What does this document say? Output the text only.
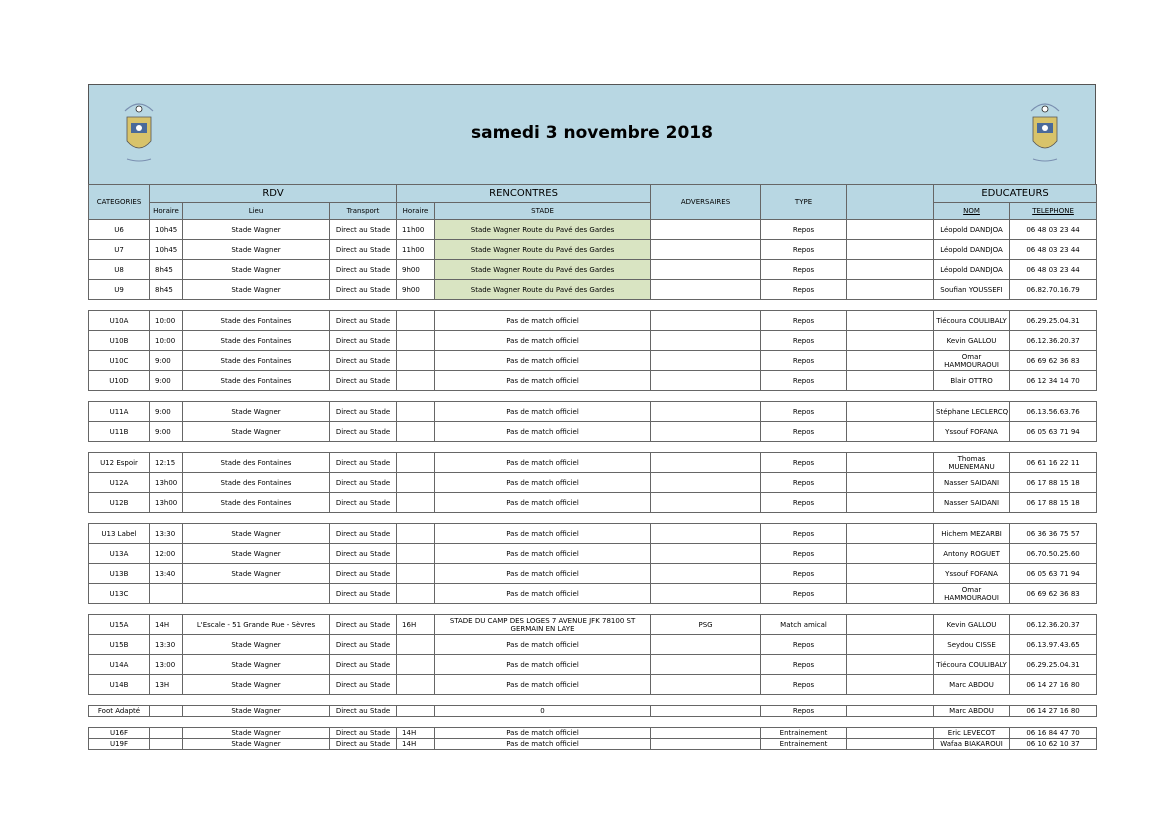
samedi 3 novembre 2018
CATEGORIES	RDV			RENCONTRES		ADVERSAIRES	TYPE		EDUCATEURS	
	Horaire	Lieu	Transport	Horaire	STADE				NOM	TELEPHONE
U6	10h45	Stade Wagner	Direct au Stade	11h00	Stade Wagner Route du Pavé des Gardes		Repos		Léopold DANDJOA	06 48 03 23 44
U7	10h45	Stade Wagner	Direct au Stade	11h00	Stade Wagner Route du Pavé des Gardes		Repos		Léopold DANDJOA	06 48 03 23 44
U8	8h45	Stade Wagner	Direct au Stade	9h00	Stade Wagner Route du Pavé des Gardes		Repos		Léopold DANDJOA	06 48 03 23 44
U9	8h45	Stade Wagner	Direct au Stade	9h00	Stade Wagner Route du Pavé des Gardes		Repos		Soufian YOUSSEFI	06.82.70.16.79

U10A	10:00	Stade des Fontaines	Direct au Stade		Pas de match officiel		Repos		Tiécoura COULIBALY	06.29.25.04.31
U10B	10:00	Stade des Fontaines	Direct au Stade		Pas de match officiel		Repos		Kevin GALLOU	06.12.36.20.37
U10C	9:00	Stade des Fontaines	Direct au Stade		Pas de match officiel		Repos		Omar HAMMOURAOUI	06 69 62 36 83
U10D	9:00	Stade des Fontaines	Direct au Stade		Pas de match officiel		Repos		Blair OTTRO	06 12 34 14 70

U11A	9:00	Stade Wagner	Direct au Stade		Pas de match officiel		Repos		Stéphane LECLERCQ	06.13.56.63.76
U11B	9:00	Stade Wagner	Direct au Stade		Pas de match officiel		Repos		Yssouf FOFANA	06 05 63 71 94

U12 Espoir	12:15	Stade des Fontaines	Direct au Stade		Pas de match officiel		Repos		Thomas MUENEMANU	06 61 16 22 11
U12A	13h00	Stade des Fontaines	Direct au Stade		Pas de match officiel		Repos		Nasser SAIDANI	06 17 88 15 18
U12B	13h00	Stade des Fontaines	Direct au Stade		Pas de match officiel		Repos		Nasser SAIDANI	06 17 88 15 18

U13 Label	13:30	Stade Wagner	Direct au Stade		Pas de match officiel		Repos		Hichem MEZARBI	06 36 36 75 57
U13A	12:00	Stade Wagner	Direct au Stade		Pas de match officiel		Repos		Antony ROGUET	06.70.50.25.60
U13B	13:40	Stade Wagner	Direct au Stade		Pas de match officiel		Repos		Yssouf FOFANA	06 05 63 71 94
U13C			Direct au Stade		Pas de match officiel		Repos		Omar HAMMOURAOUI	06 69 62 36 83

U15A	14H	L'Escale - 51 Grande Rue - Sèvres	Direct au Stade	16H	STADE DU CAMP DES LOGES 7 AVENUE JFK 78100 ST GERMAIN EN LAYE	PSG	Match amical		Kevin GALLOU	06.12.36.20.37
U15B	13:30	Stade Wagner	Direct au Stade		Pas de match officiel		Repos		Seydou CISSE	06.13.97.43.65
U14A	13:00	Stade Wagner	Direct au Stade		Pas de match officiel		Repos		Tiécoura COULIBALY	06.29.25.04.31
U14B	13H	Stade Wagner	Direct au Stade		Pas de match officiel		Repos		Marc ABDOU	06 14 27 16 80

Foot Adapté		Stade Wagner	Direct au Stade		0		Repos		Marc ABDOU	06 14 27 16 80

U16F		Stade Wagner	Direct au Stade	14H	Pas de match officiel		Entrainement		Eric LEVECOT	06 16 84 47 70
U19F		Stade Wagner	Direct au Stade	14H	Pas de match officiel		Entrainement		Wafaa BIAKAROUI	06 10 62 10 37
